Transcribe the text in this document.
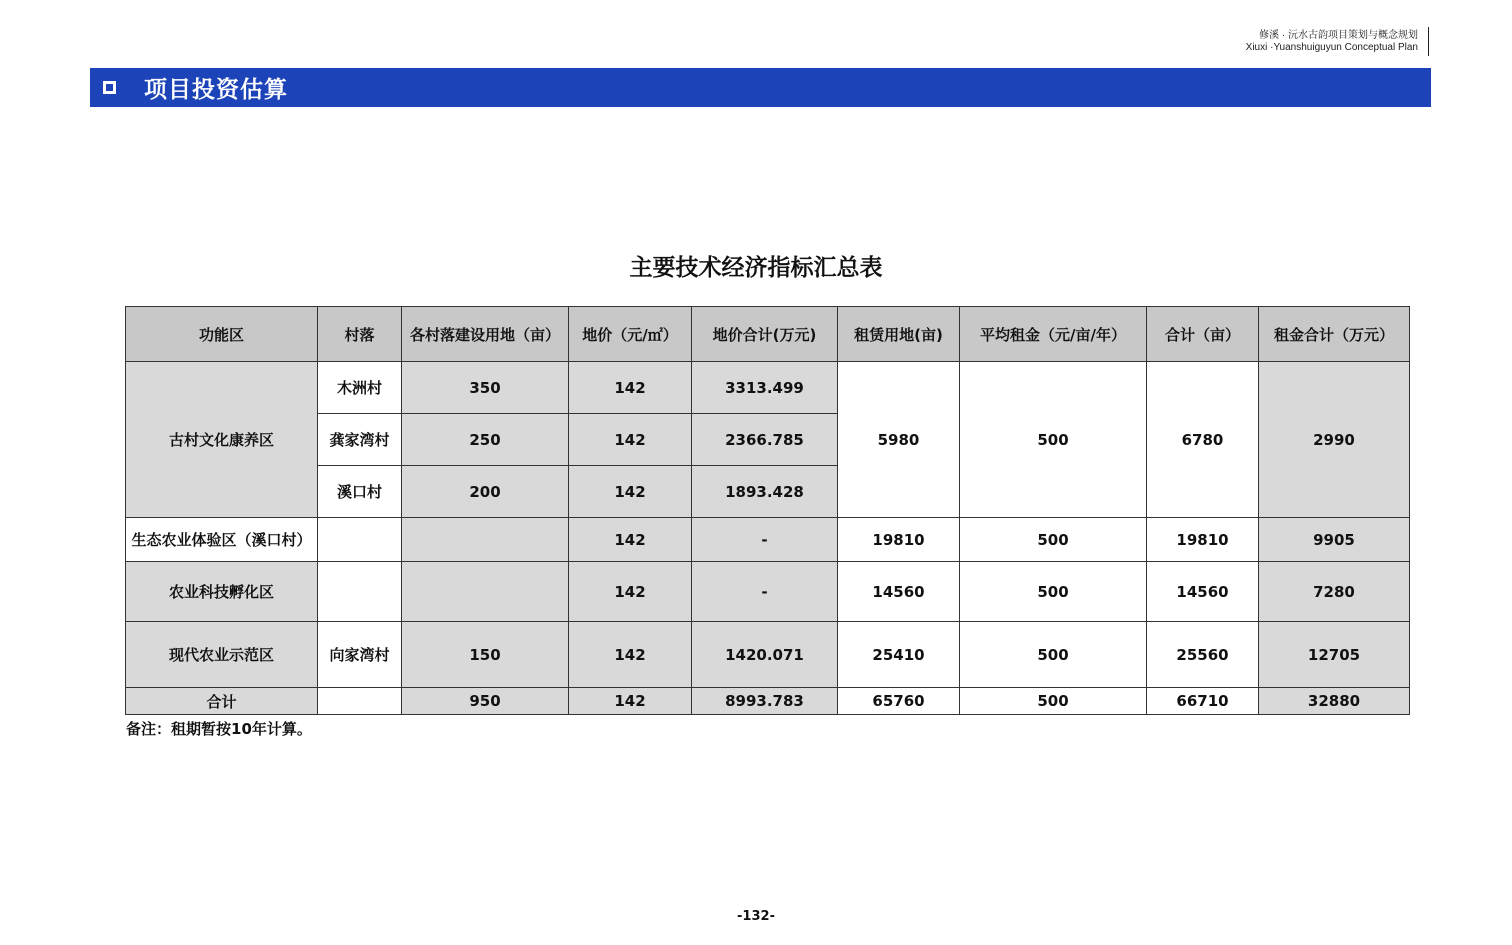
修溪 · 沅水古韵项目策划与概念规划
Xiuxi ·Yuanshuiguyun Conceptual Plan
项目投资估算
主要技术经济指标汇总表
功能区	村落	各村落建设用地（亩）	地价（元/㎡）	地价合计(万元)	租赁用地(亩)	平均租金（元/亩/年）	合计（亩）	租金合计（万元）
古村文化康养区	木洲村	350	142	3313.499	5980	500	6780	2990
	龚家湾村	250	142	2366.785				
	溪口村	200	142	1893.428				
生态农业体验区（溪口村）			142	-	19810	500	19810	9905
农业科技孵化区			142	-	14560	500	14560	7280
现代农业示范区	向家湾村	150	142	1420.071	25410	500	25560	12705
合计		950	142	8993.783	65760	500	66710	32880
备注：租期暂按10年计算。
-132-
